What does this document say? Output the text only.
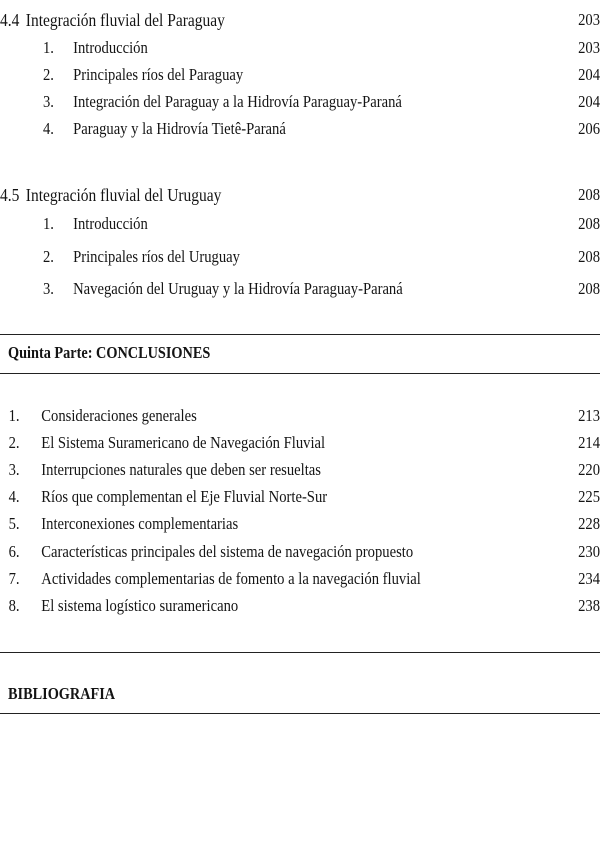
4.4 Integración fluvial del Paraguay	203
1. Introducción	203
2. Principales ríos del Paraguay	204
3. Integración del Paraguay a la Hidrovía Paraguay-Paraná	204
4. Paraguay y la Hidrovía Tietê-Paraná	206
4.5 Integración fluvial del Uruguay	208
1. Introducción	208
2. Principales ríos del Uruguay	208
3. Navegación del Uruguay y la Hidrovía Paraguay-Paraná	208
Quinta Parte: CONCLUSIONES
1. Consideraciones generales	213
2. El Sistema Suramericano de Navegación Fluvial	214
3. Interrupciones naturales que deben ser resueltas	220
4. Ríos que complementan el Eje Fluvial Norte-Sur	225
5. Interconexiones complementarias	228
6. Características principales del sistema de navegación propuesto	230
7. Actividades complementarias de fomento a la navegación fluvial	234
8. El sistema logístico suramericano	238
BIBLIOGRAFIA
